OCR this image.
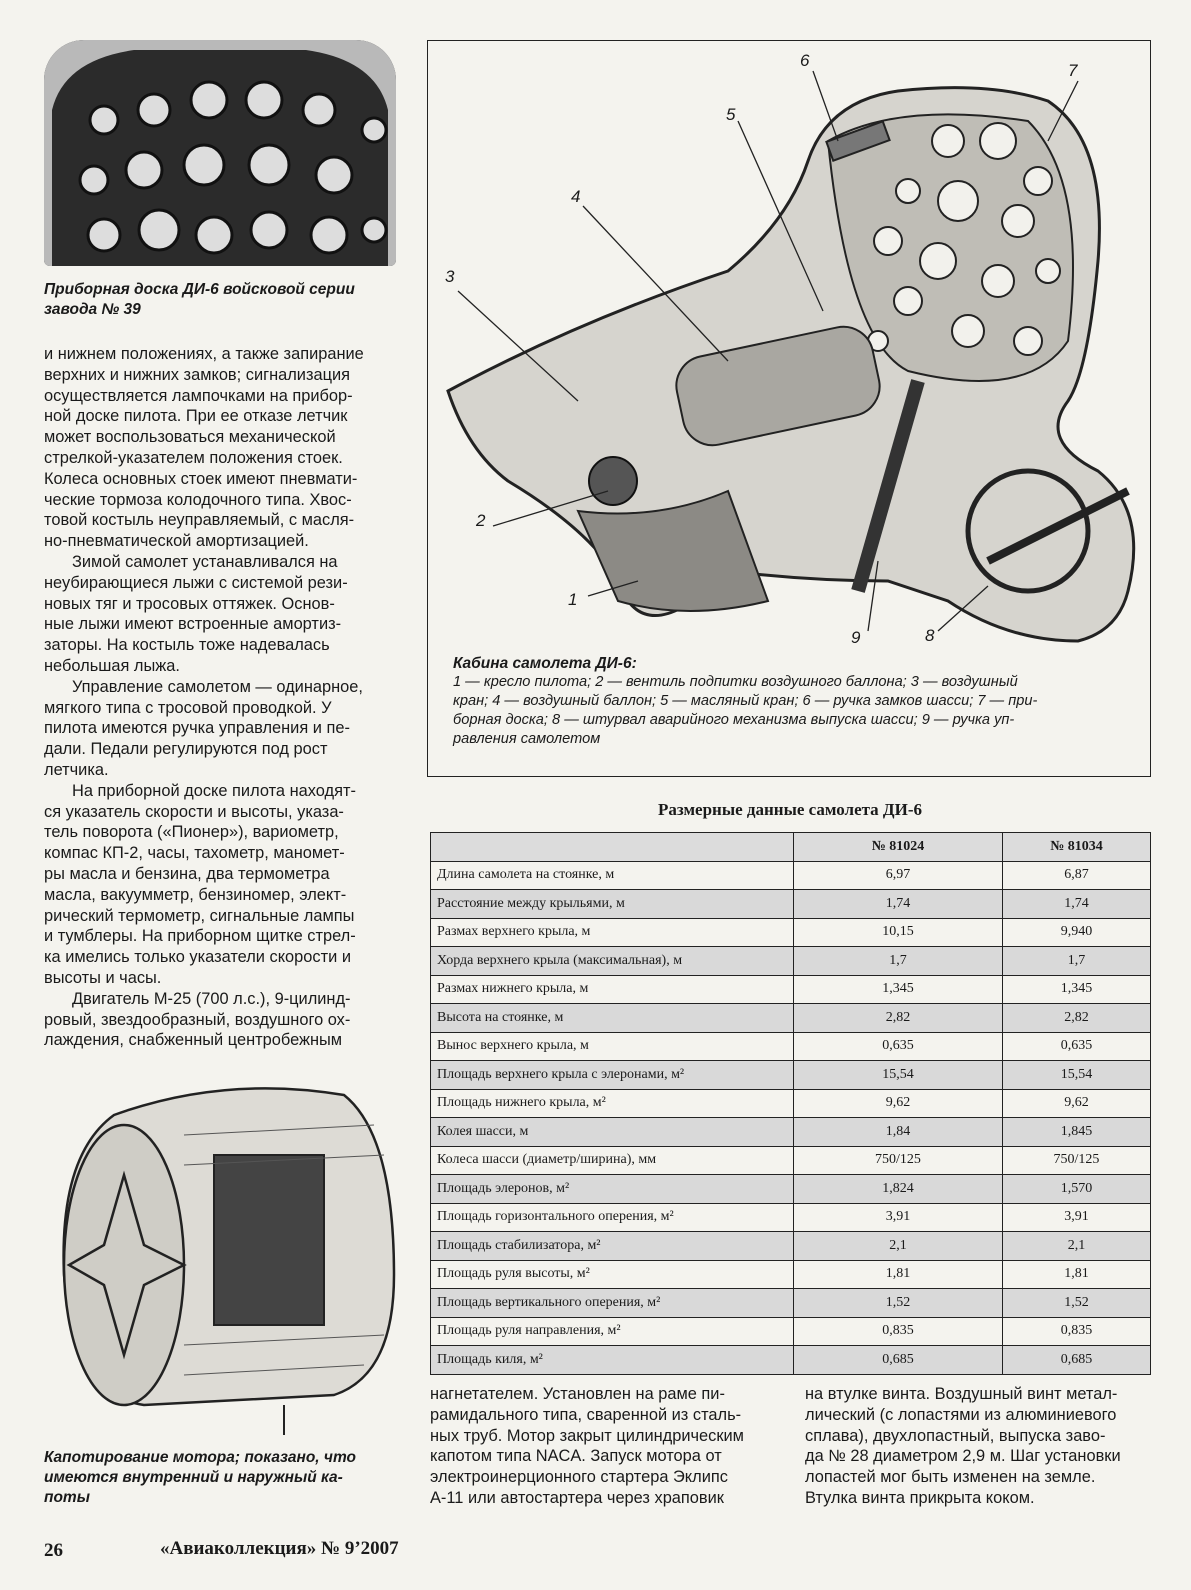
Приборная доска ДИ-6 войсковой серии
завода № 39
и нижнем положениях, а также запирание
верхних и нижних замков; сигнализация
осуществляется лампочками на прибор-
ной доске пилота. При ее отказе летчик
может воспользоваться механической
стрелкой-указателем положения стоек.
Колеса основных стоек имеют пневмати-
ческие тормоза колодочного типа. Хвос-
товой костыль неуправляемый, с масля-
но-пневматической амортизацией.
Зимой самолет устанавливался на
неубирающиеся лыжи с системой рези-
новых тяг и тросовых оттяжек. Основ-
ные лыжи имеют встроенные амортиз-
заторы. На костыль тоже надевалась
небольшая лыжа.
Управление самолетом — одинарное,
мягкого типа с тросовой проводкой. У
пилота имеются ручка управления и пе-
дали. Педали регулируются под рост
летчика.
На приборной доске пилота находят-
ся указатель скорости и высоты, указа-
тель поворота («Пионер»), вариометр,
компас КП-2, часы, тахометр, маномет-
ры масла и бензина, два термометра
масла, вакуумметр, бензиномер, элект-
рический термометр, сигнальные лампы
и тумблеры. На приборном щитке стрел-
ка имелись только указатели скорости и
высоты и часы.
Двигатель М-25 (700 л.с.), 9-цилинд-
ровый, звездообразный, воздушного ох-
лаждения, снабженный центробежным
1
2
3
4
5
6
7
8
9
Кабина самолета ДИ-6:
1 — кресло пилота; 2 — вентиль подпитки воздушного баллона; 3 — воздушный
кран; 4 — воздушный баллон; 5 — масляный кран; 6 — ручка замков шасси; 7 — при-
борная доска; 8 — штурвал аварийного механизма выпуска шасси; 9 — ручка уп-
равления самолетом
Размерные данные самолета ДИ-6
	№ 81024	№ 81034
Длина самолета на стоянке, м	6,97	6,87
Расстояние между крыльями, м	1,74	1,74
Размах верхнего крыла, м	10,15	9,940
Хорда верхнего крыла (максимальная), м	1,7	1,7
Размах нижнего крыла, м	1,345	1,345
Высота на стоянке, м	2,82	2,82
Вынос верхнего крыла, м	0,635	0,635
Площадь верхнего крыла с элеронами, м²	15,54	15,54
Площадь нижнего крыла, м²	9,62	9,62
Колея шасси, м	1,84	1,845
Колеса шасси (диаметр/ширина), мм	750/125	750/125
Площадь элеронов, м²	1,824	1,570
Площадь горизонтального оперения, м²	3,91	3,91
Площадь стабилизатора, м²	2,1	2,1
Площадь руля высоты, м²	1,81	1,81
Площадь вертикального оперения, м²	1,52	1,52
Площадь руля направления, м²	0,835	0,835
Площадь киля, м²	0,685	0,685
Капотирование мотора; показано, что
имеются внутренний и наружный ка-
поты
нагнетателем. Установлен на раме пи-
рамидального типа, сваренной из сталь-
ных труб. Мотор закрыт цилиндрическим
капотом типа NACA. Запуск мотора от
электроинерционного стартера Эклипс
А-11 или автостартера через храповик
на втулке винта. Воздушный винт метал-
лический (с лопастями из алюминиевого
сплава), двухлопастный, выпуска заво-
да № 28 диаметром 2,9 м. Шаг установки
лопастей мог быть изменен на земле.
Втулка винта прикрыта коком.
26	«Авиаколлекция» № 9’2007
